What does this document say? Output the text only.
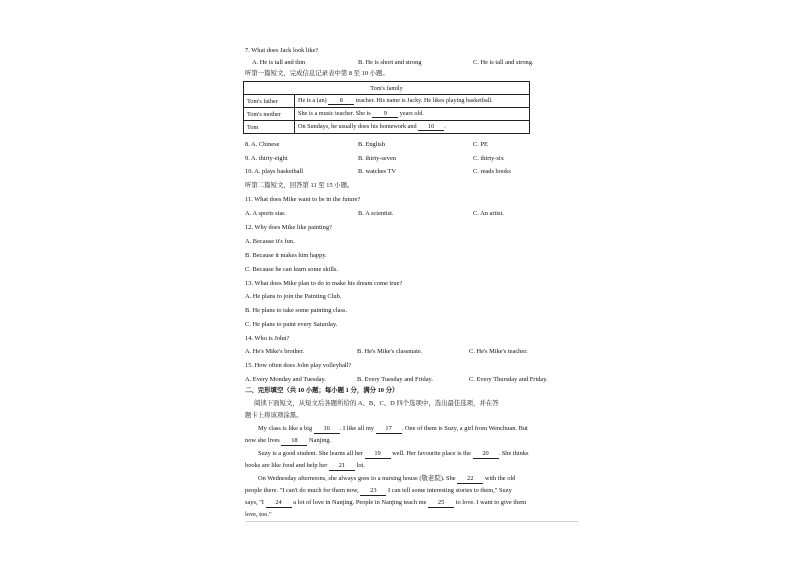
7. What does Jack look like?
A. He is tall and thin	B. He is short and strong	C. He is tall and strong.
听第一篇短文，完成信息记录表中第 8 至 10 小题。
Tom's family	
Tom's father	He is a (an) 8 teacher. His name is Jacky. He likes playing basketball.
Tom's mother	She is a music teacher. She is 9 years old.
Tom	On Sundays, he usually does his homework and 10 .
8. A. Chinese	B. English	C. PE
9. A. thirty-eight	B. thirty-seven	C. thirty-six
10. A. plays basketball	B. watches TV	C. reads books
听第二篇短文，回答第 11 至 15 小题。
11. What does Mike want to be in the future?
A. A sports star.	B. A scientist.	C. An artist.
12. Why does Mike like painting?
A. Because it's fun.
B. Because it makes him happy.
C. Because he can learn some skills.
13. What does Mike plan to do to make his dream come true?
A. He plans to join the Painting Club.
B. He plans to take some painting class.
C. He plans to paint every Saturday.
14. Who is John?
A. He's Mike's brother.	B. He's Mike's classmate.	C. He's Mike's teacher.
15. How often does John play volleyball?
A. Every Monday and Tuesday.	B. Every Tuesday and Friday.	C. Every Thursday and Friday.
二、完形填空（共 10 小题；每小题 1 分，满分 10 分）
阅读下面短文，从短文后各题所给的 A、B、C、D 四个选项中，选出最佳选项，并在答
题卡上将该项涂黑。
My class is like a big 16 . I like all my 17 . One of them is Suzy, a girl from Wenchuan. But
now she lives 18 Nanjing.
Suzy is a good student. She learns all her 19 well. Her favourite place is the 20 . She thinks
books are like food and help her 21 lot.
On Wednesday afternoons, she always goes to a nursing house (敬老院). She 22 with the old
people there. "I can't do much for them now, 23 I can tell some interesting stories to them," Suzy
says, "I 24 a lot of love in Nanjing. People in Nanjing teach me 25 to love. I want to give them
love, too."
